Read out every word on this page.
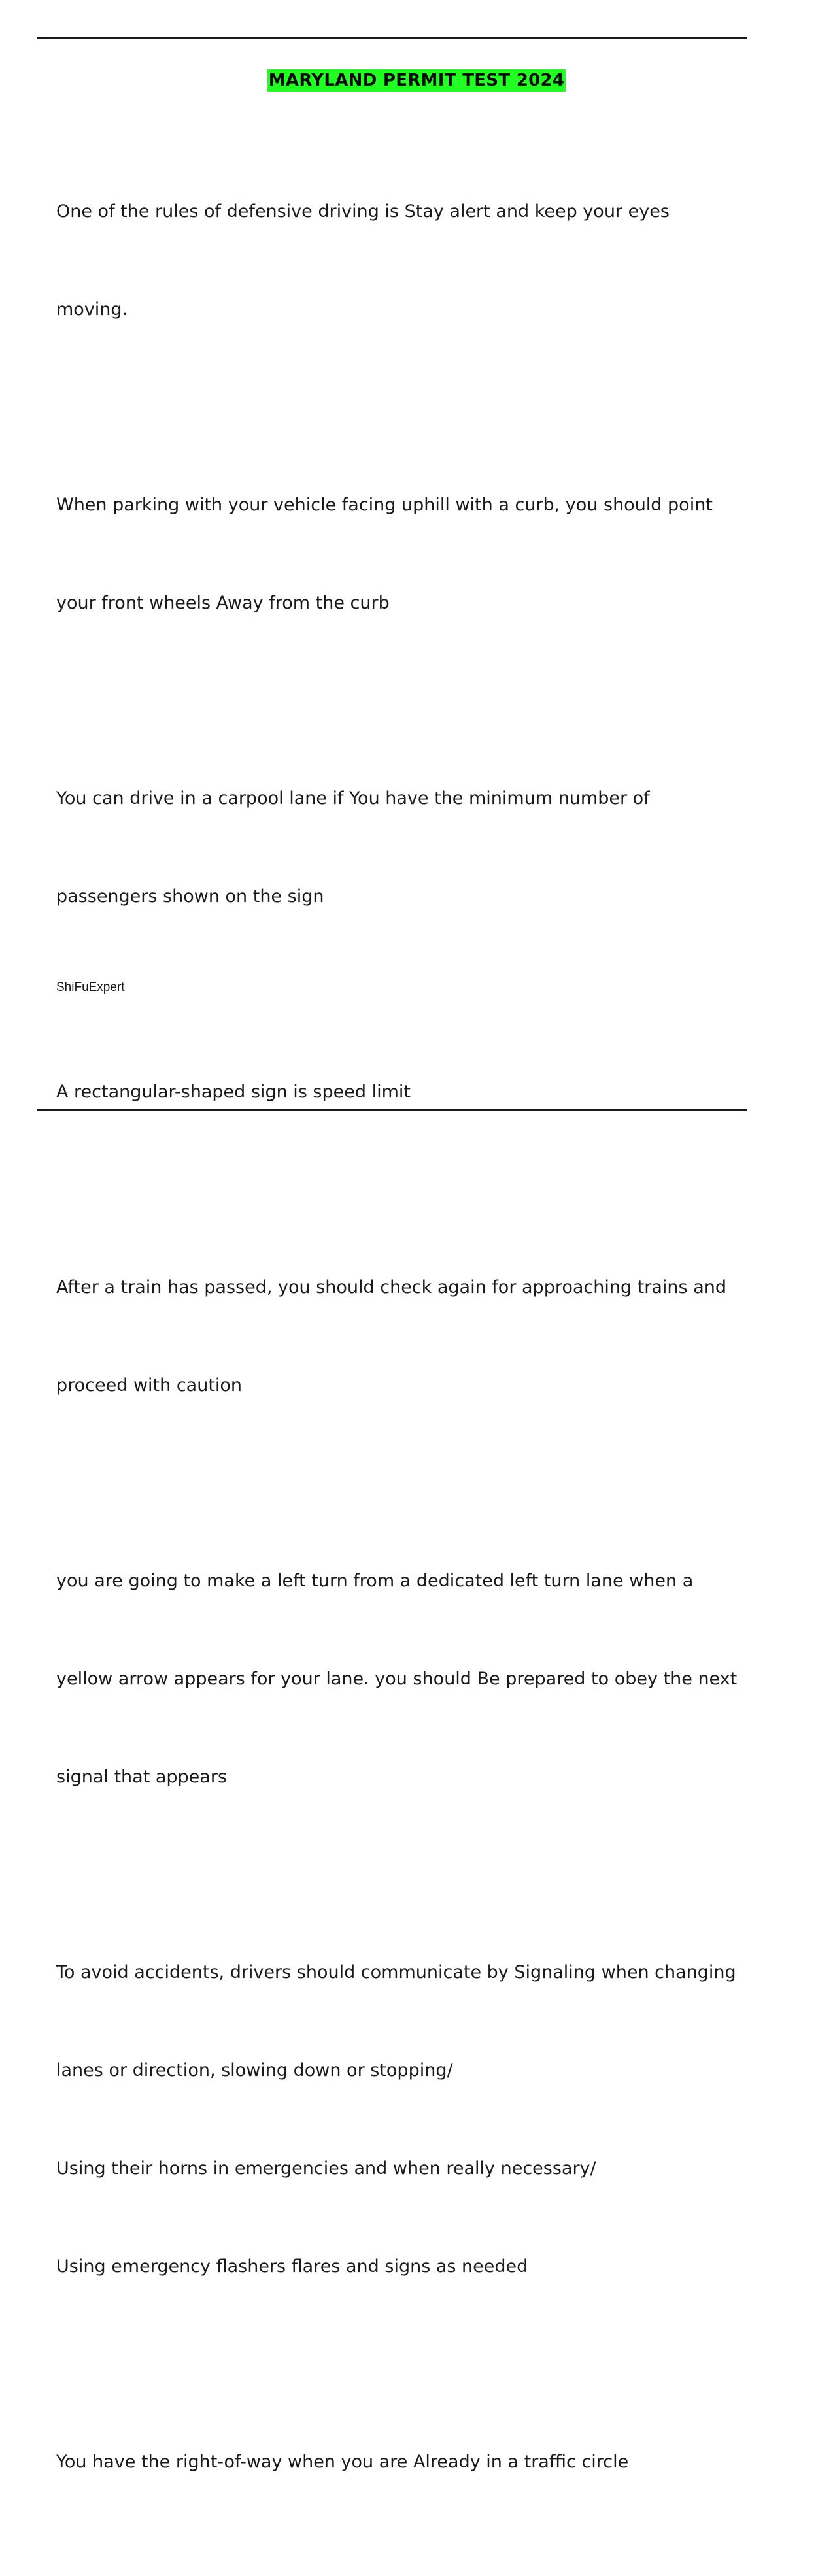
MARYLAND PERMIT TEST 2024

One of the rules of defensive driving is Stay alert and keep your eyes

moving.

When parking with your vehicle facing uphill with a curb, you should point

your front wheels Away from the curb

You can drive in a carpool lane if You have the minimum number of

passengers shown on the sign

A rectangular-shaped sign is speed limit

After a train has passed, you should check again for approaching trains and

proceed with caution

you are going to make a left turn from a dedicated left turn lane when a

yellow arrow appears for your lane. you should Be prepared to obey the next

signal that appears

To avoid accidents, drivers should communicate by Signaling when changing

lanes or direction, slowing down or stopping/

Using their horns in emergencies and when really necessary/

Using emergency flashers flares and signs as needed

You have the right-of-way when you are Already in a traffic circle

ShiFuExpert
